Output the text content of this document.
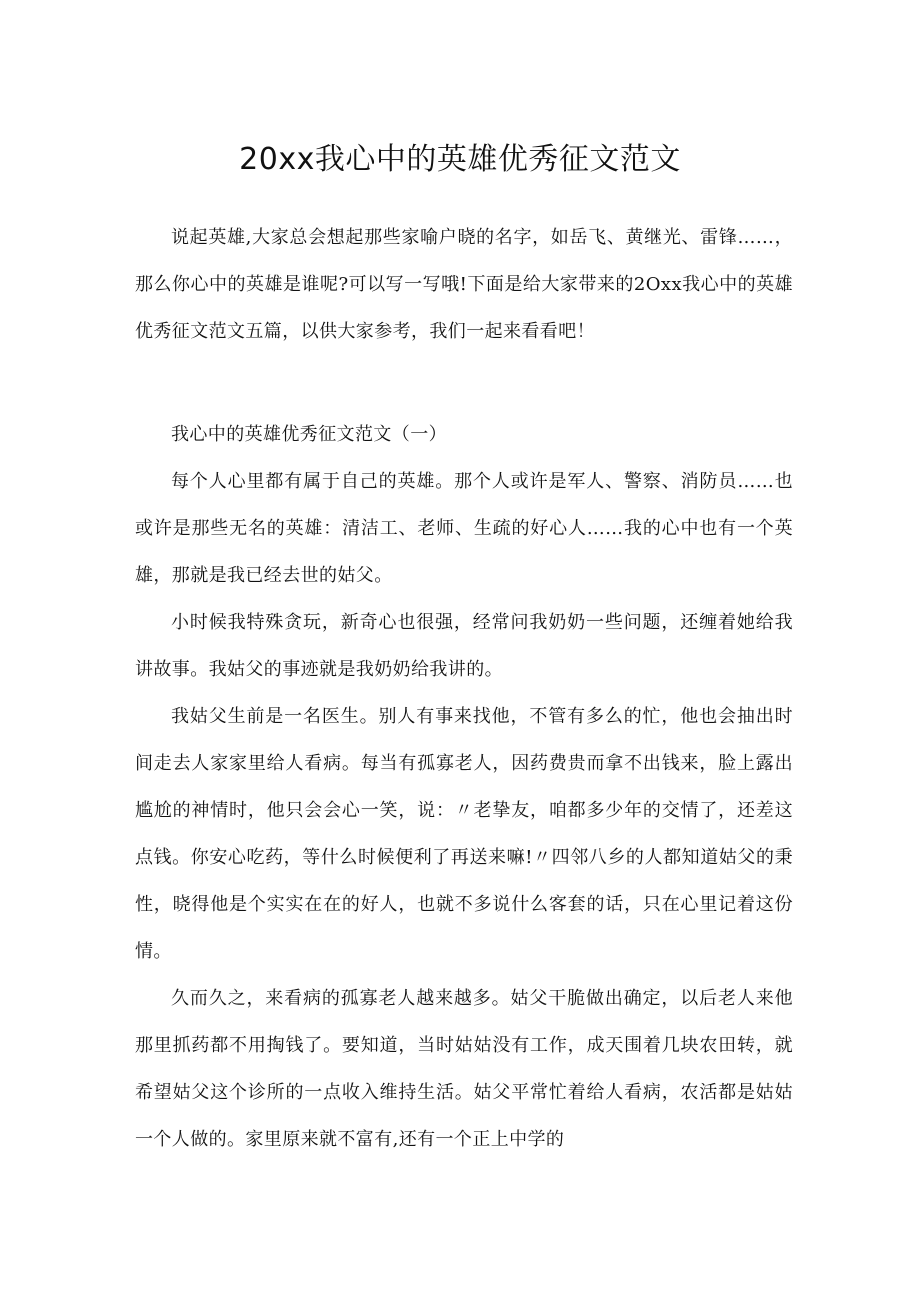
20xx我心中的英雄优秀征文范文

说起英雄,大家总会想起那些家喻户晓的名字，如岳飞、黄继光、雷锋……，那么你心中的英雄是谁呢?可以写一写哦!下面是给大家带来的2Oxx我心中的英雄优秀征文范文五篇，以供大家参考，我们一起来看看吧！

我心中的英雄优秀征文范文（一）

每个人心里都有属于自己的英雄。那个人或许是军人、警察、消防员……也或许是那些无名的英雄：清洁工、老师、生疏的好心人……我的心中也有一个英雄，那就是我已经去世的姑父。

小时候我特殊贪玩，新奇心也很强，经常问我奶奶一些问题，还缠着她给我讲故事。我姑父的事迹就是我奶奶给我讲的。

我姑父生前是一名医生。别人有事来找他，不管有多么的忙，他也会抽出时间走去人家家里给人看病。每当有孤寡老人，因药费贵而拿不出钱来，脸上露出尴尬的神情时，他只会会心一笑，说：〃老挚友，咱都多少年的交情了，还差这点钱。你安心吃药，等什么时候便利了再送来嘛!〃四邻八乡的人都知道姑父的秉性，晓得他是个实实在在的好人，也就不多说什么客套的话，只在心里记着这份情。

久而久之，来看病的孤寡老人越来越多。姑父干脆做出确定，以后老人来他那里抓药都不用掏钱了。要知道，当时姑姑没有工作，成天围着几块农田转，就希望姑父这个诊所的一点收入维持生活。姑父平常忙着给人看病，农活都是姑姑一个人做的。家里原来就不富有,还有一个正上中学的
